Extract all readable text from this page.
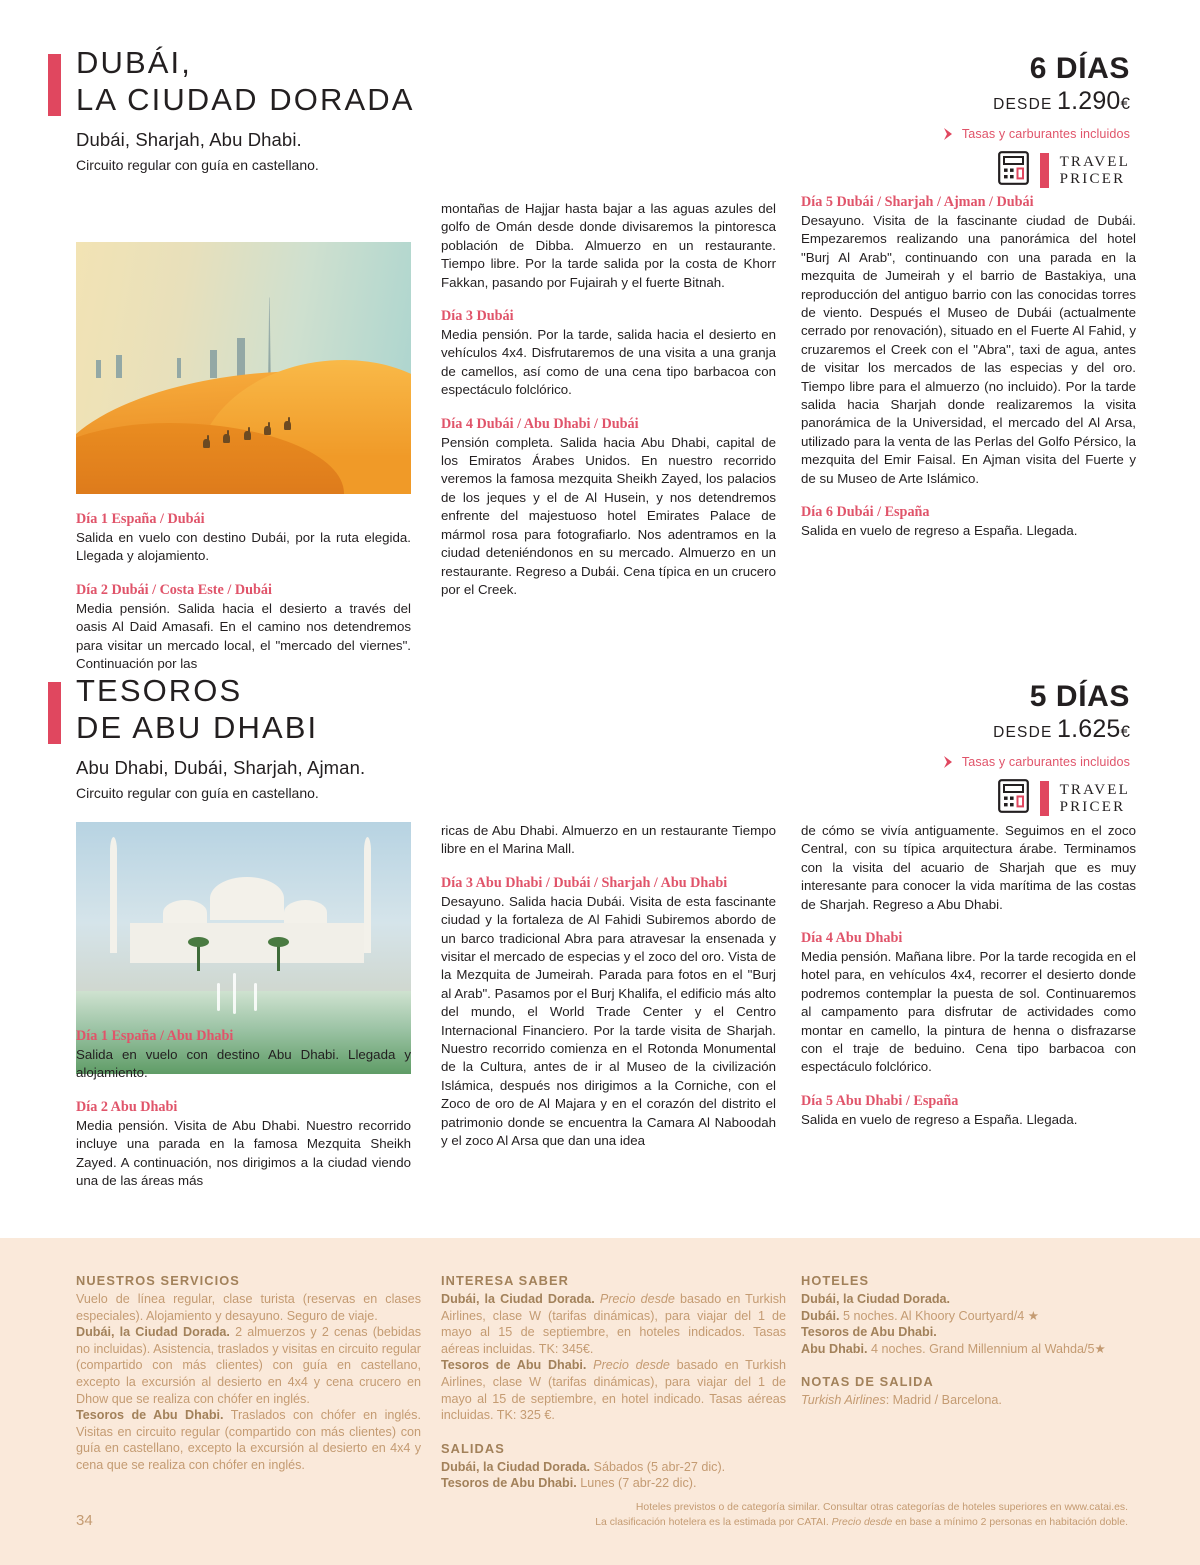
DUBÁI,
LA CIUDAD DORADA
Dubái, Sharjah, Abu Dhabi.
Circuito regular con guía en castellano.
6 DÍAS
DESDE 1.290€
Tasas y carburantes incluidos
TRAVEL
PRICER
Día 1 España / Dubái

Salida en vuelo con destino Dubái, por la ruta elegida. Llegada y alojamiento.

Día 2 Dubái / Costa Este / Dubái

Media pensión. Salida hacia el desierto a través del oasis Al Daid Amasafi. En el camino nos detendremos para visitar un mercado local, el "mercado del viernes". Continuación por las

montañas de Hajjar hasta bajar a las aguas azules del golfo de Omán desde donde divisaremos la pintoresca población de Dibba. Almuerzo en un restaurante. Tiempo libre. Por la tarde salida por la costa de Khorr Fakkan, pasando por Fujairah y el fuerte Bitnah.

Día 3 Dubái

Media pensión. Por la tarde, salida hacia el desierto en vehículos 4x4. Disfrutaremos de una visita a una granja de camellos, así como de una cena tipo barbacoa con espectáculo folclórico.

Día 4 Dubái / Abu Dhabi / Dubái

Pensión completa. Salida hacia Abu Dhabi, capital de los Emiratos Árabes Unidos. En nuestro recorrido veremos la famosa mezquita Sheikh Zayed, los palacios de los jeques y el de Al Husein, y nos detendremos enfrente del majestuoso hotel Emirates Palace de mármol rosa para fotografiarlo. Nos adentramos en la ciudad deteniéndonos en su mercado. Almuerzo en un restaurante. Regreso a Dubái. Cena típica en un crucero por el Creek.

Día 5 Dubái / Sharjah / Ajman / Dubái

Desayuno. Visita de la fascinante ciudad de Dubái. Empezaremos realizando una panorámica del hotel "Burj Al Arab", continuando con una parada en la mezquita de Jumeirah y el barrio de Bastakiya, una reproducción del antiguo barrio con las conocidas torres de viento. Después el Museo de Dubái (actualmente cerrado por renovación), situado en el Fuerte Al Fahid, y cruzaremos el Creek con el "Abra", taxi de agua, antes de visitar los mercados de las especias y del oro. Tiempo libre para el almuerzo (no incluido). Por la tarde salida hacia Sharjah donde realizaremos la visita panorámica de la Universidad, el mercado del Al Arsa, utilizado para la venta de las Perlas del Golfo Pérsico, la mezquita del Emir Faisal. En Ajman visita del Fuerte y de su Museo de Arte Islámico.

Día 6 Dubái / España

Salida en vuelo de regreso a España. Llegada.

TESOROS
DE ABU DHABI
Abu Dhabi, Dubái, Sharjah, Ajman.
Circuito regular con guía en castellano.
5 DÍAS
DESDE 1.625€
Tasas y carburantes incluidos
TRAVEL
PRICER
Día 1 España / Abu Dhabi

Salida en vuelo con destino Abu Dhabi. Llegada y alojamiento.

Día 2 Abu Dhabi

Media pensión. Visita de Abu Dhabi. Nuestro recorrido incluye una parada en la famosa Mezquita Sheikh Zayed. A continuación, nos dirigimos a la ciudad viendo una de las áreas más

ricas de Abu Dhabi. Almuerzo en un restaurante Tiempo libre en el Marina Mall.

Día 3 Abu Dhabi / Dubái / Sharjah / Abu Dhabi

Desayuno. Salida hacia Dubái. Visita de esta fascinante ciudad y la fortaleza de Al Fahidi Subiremos abordo de un barco tradicional Abra para atravesar la ensenada y visitar el mercado de especias y el zoco del oro. Vista de la Mezquita de Jumeirah. Parada para fotos en el "Burj al Arab". Pasamos por el Burj Khalifa, el edificio más alto del mundo, el World Trade Center y el Centro Internacional Financiero. Por la tarde visita de Sharjah. Nuestro recorrido comienza en el Rotonda Monumental de la Cultura, antes de ir al Museo de la civilización Islámica, después nos dirigimos a la Corniche, con el Zoco de oro de Al Majara y en el corazón del distrito el patrimonio donde se encuentra la Camara Al Naboodah y el zoco Al Arsa que dan una idea

de cómo se vivía antiguamente. Seguimos en el zoco Central, con su típica arquitectura árabe. Terminamos con la visita del acuario de Sharjah que es muy interesante para conocer la vida marítima de las costas de Sharjah. Regreso a Abu Dhabi.

Día 4 Abu Dhabi

Media pensión. Mañana libre. Por la tarde recogida en el hotel para, en vehículos 4x4, recorrer el desierto donde podremos contemplar la puesta de sol. Continuaremos al campamento para disfrutar de actividades como montar en camello, la pintura de henna o disfrazarse con el traje de beduino. Cena tipo barbacoa con espectáculo folclórico.

Día 5 Abu Dhabi / España

Salida en vuelo de regreso a España. Llegada.

NUESTROS SERVICIOS
Vuelo de línea regular, clase turista (reservas en clases especiales). Alojamiento y desayuno. Seguro de viaje.
Dubái, la Ciudad Dorada. 2 almuerzos y 2 cenas (bebidas no incluidas). Asistencia, traslados y visitas en circuito regular (compartido con más clientes) con guía en castellano, excepto la excursión al desierto en 4x4 y cena crucero en Dhow que se realiza con chófer en inglés.
Tesoros de Abu Dhabi. Traslados con chófer en inglés. Visitas en circuito regular (compartido con más clientes) con guía en castellano, excepto la excursión al desierto en 4x4 y cena que se realiza con chófer en inglés.
INTERESA SABER
Dubái, la Ciudad Dorada. Precio desde basado en Turkish Airlines, clase W (tarifas dinámicas), para viajar del 1 de mayo al 15 de septiembre, en hoteles indicados. Tasas aéreas incluidas. TK: 345€.
Tesoros de Abu Dhabi. Precio desde basado en Turkish Airlines, clase W (tarifas dinámicas), para viajar del 1 de mayo al 15 de septiembre, en hotel indicado. Tasas aéreas incluidas. TK: 325 €.
SALIDAS
Dubái, la Ciudad Dorada. Sábados (5 abr-27 dic).
Tesoros de Abu Dhabi. Lunes (7 abr-22 dic).
HOTELES
Dubái, la Ciudad Dorada.
Dubái. 5 noches. Al Khoory Courtyard/4 ★
Tesoros de Abu Dhabi.
Abu Dhabi. 4 noches. Grand Millennium al Wahda/5★
NOTAS DE SALIDA
Turkish Airlines: Madrid / Barcelona.
34
Hoteles previstos o de categoría similar. Consultar otras categorías de hoteles superiores en www.catai.es.
La clasificación hotelera es la estimada por CATAI. Precio desde en base a mínimo 2 personas en habitación doble.
